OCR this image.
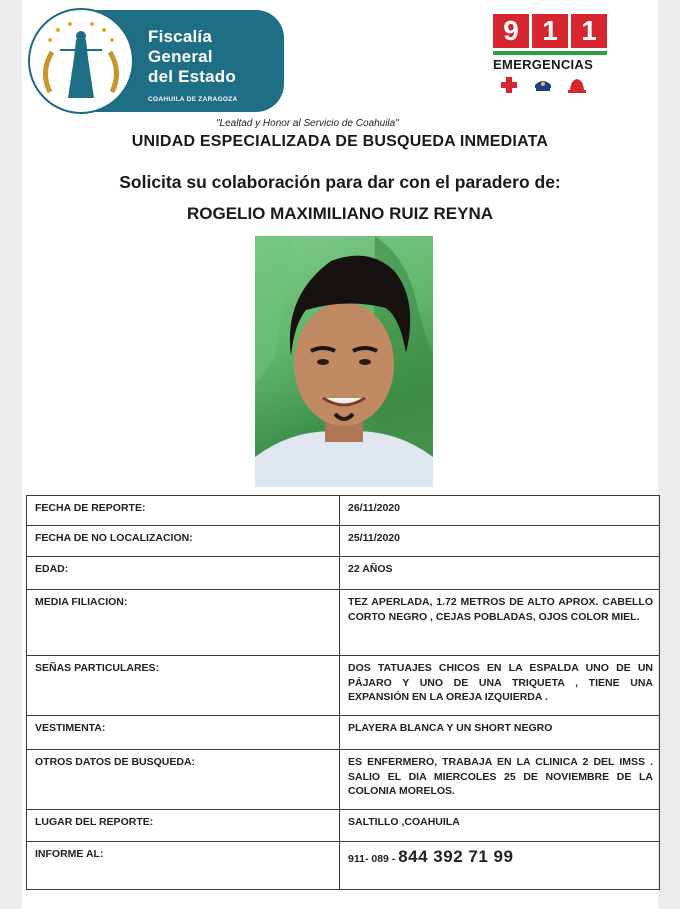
Fiscalía
General
del Estado
COAHUILA DE ZARAGOZA
"Lealtad y Honor al Servicio de Coahuila"
9 1 1
EMERGENCIAS
UNIDAD ESPECIALIZADA DE BUSQUEDA INMEDIATA
Solicita su colaboración para dar con el paradero de:
ROGELIO MAXIMILIANO RUIZ REYNA
FECHA DE REPORTE:	26/11/2020
FECHA DE NO LOCALIZACION:	25/11/2020
EDAD:	22 AÑOS
MEDIA FILIACION:	TEZ APERLADA, 1.72 METROS DE ALTO APROX. CABELLO CORTO NEGRO , CEJAS POBLADAS, OJOS COLOR MIEL.
SEÑAS PARTICULARES:	DOS TATUAJES CHICOS EN LA ESPALDA UNO DE UN PÁJARO Y UNO DE UNA TRIQUETA , TIENE UNA EXPANSIÓN EN LA OREJA IZQUIERDA .
VESTIMENTA:	PLAYERA BLANCA Y UN SHORT NEGRO
OTROS DATOS DE BUSQUEDA:	ES ENFERMERO, TRABAJA EN LA CLINICA 2 DEL IMSS . SALIO EL DIA MIERCOLES 25 DE NOVIEMBRE DE LA COLONIA MORELOS.
LUGAR DEL REPORTE:	SALTILLO ,COAHUILA
INFORME AL:	911- 089 - 844 392 71 99
